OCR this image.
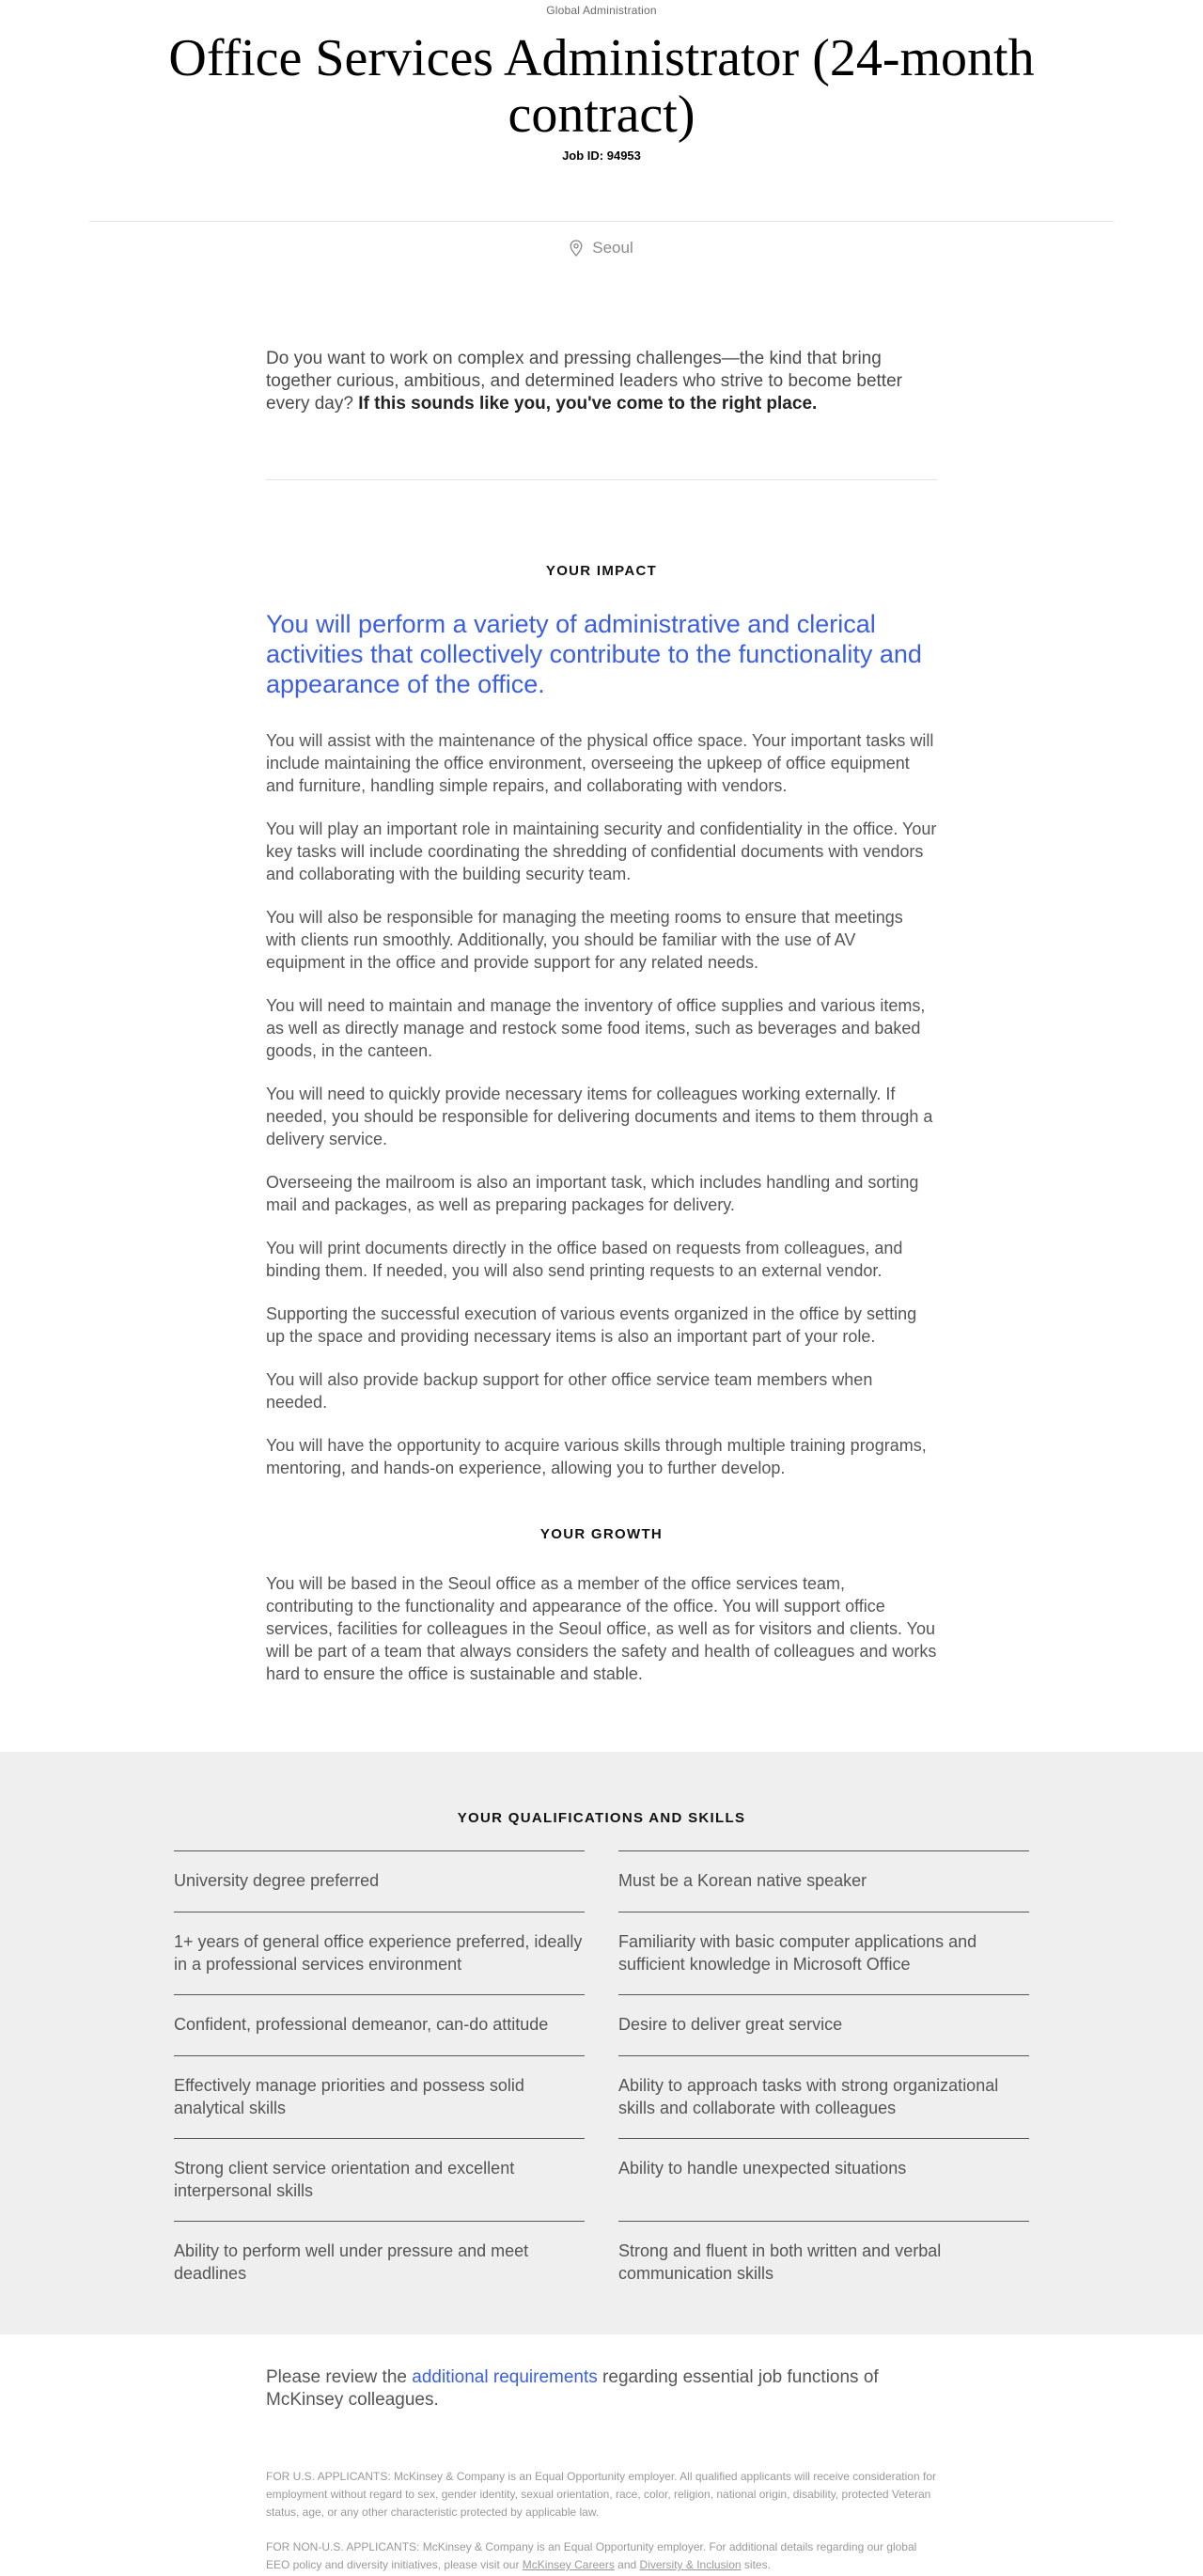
Global Administration
Office Services Administrator (24-month contract)
Job ID: 94953
Seoul

Do you want to work on complex and pressing challenges—the kind that bring together curious, ambitious, and determined leaders who strive to become better every day? If this sounds like you, you've come to the right place.

YOUR IMPACT

You will perform a variety of administrative and clerical activities that collectively contribute to the functionality and appearance of the office.

You will assist with the maintenance of the physical office space. Your important tasks will include maintaining the office environment, overseeing the upkeep of office equipment and furniture, handling simple repairs, and collaborating with vendors.

You will play an important role in maintaining security and confidentiality in the office. Your key tasks will include coordinating the shredding of confidential documents with vendors and collaborating with the building security team.

You will also be responsible for managing the meeting rooms to ensure that meetings with clients run smoothly. Additionally, you should be familiar with the use of AV equipment in the office and provide support for any related needs.

You will need to maintain and manage the inventory of office supplies and various items, as well as directly manage and restock some food items, such as beverages and baked goods, in the canteen.

You will need to quickly provide necessary items for colleagues working externally. If needed, you should be responsible for delivering documents and items to them through a delivery service.

Overseeing the mailroom is also an important task, which includes handling and sorting mail and packages, as well as preparing packages for delivery.

You will print documents directly in the office based on requests from colleagues, and binding them. If needed, you will also send printing requests to an external vendor.

Supporting the successful execution of various events organized in the office by setting up the space and providing necessary items is also an important part of your role.

You will also provide backup support for other office service team members when needed.

You will have the opportunity to acquire various skills through multiple training programs, mentoring, and hands-on experience, allowing you to further develop.

YOUR GROWTH

You will be based in the Seoul office as a member of the office services team, contributing to the functionality and appearance of the office. You will support office services, facilities for colleagues in the Seoul office, as well as for visitors and clients. You will be part of a team that always considers the safety and health of colleagues and works hard to ensure the office is sustainable and stable.

YOUR QUALIFICATIONS AND SKILLS
University degree preferred	Must be a Korean native speaker
1+ years of general office experience preferred, ideally in a professional services environment
Familiarity with basic computer applications and sufficient knowledge in Microsoft Office
Confident, professional demeanor, can-do attitude	Desire to deliver great service
Effectively manage priorities and possess solid analytical skills
Ability to approach tasks with strong organizational skills and collaborate with colleagues
Strong client service orientation and excellent interpersonal skills
Ability to handle unexpected situations
Ability to perform well under pressure and meet deadlines
Strong and fluent in both written and verbal communication skills

Please review the additional requirements regarding essential job functions of McKinsey colleagues.

FOR U.S. APPLICANTS: McKinsey & Company is an Equal Opportunity employer. All qualified applicants will receive consideration for employment without regard to sex, gender identity, sexual orientation, race, color, religion, national origin, disability, protected Veteran status, age, or any other characteristic protected by applicable law.

FOR NON-U.S. APPLICANTS: McKinsey & Company is an Equal Opportunity employer. For additional details regarding our global EEO policy and diversity initiatives, please visit our McKinsey Careers and Diversity & Inclusion sites.
